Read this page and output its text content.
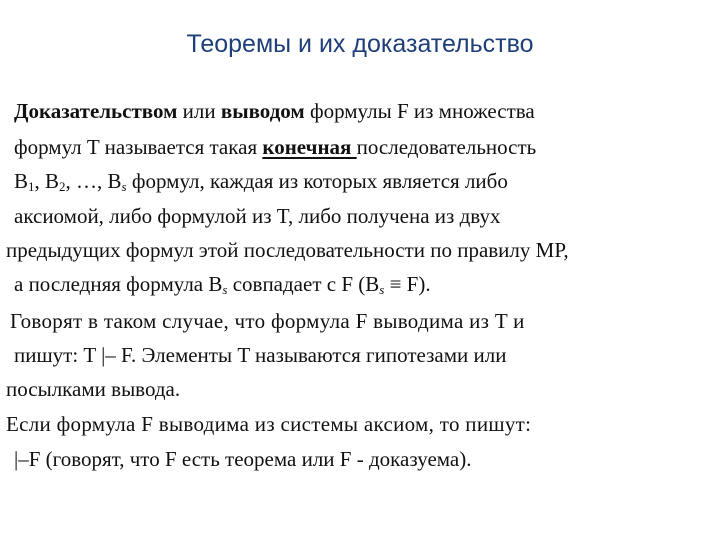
Теоремы и их доказательство
Доказательством или выводом формулы F из множества
формул T называется такая конечная последовательность
$B_1$, $B_2$, …, $B_s$ формул, каждая из которых является либо
аксиомой, либо формулой из T, либо получена из двух
предыдущих формул этой последовательности по правилу МР,
а последняя формула $B_s$ совпадает с F $(B_s \equiv F)$.
Говорят в таком случае, что формула F выводима из T и
пишут: T |– F. Элементы T называются гипотезами или
посылками вывода.
Если формула F выводима из системы аксиом, то пишут:
|–F (говорят, что F есть теорема или F - доказуема).
